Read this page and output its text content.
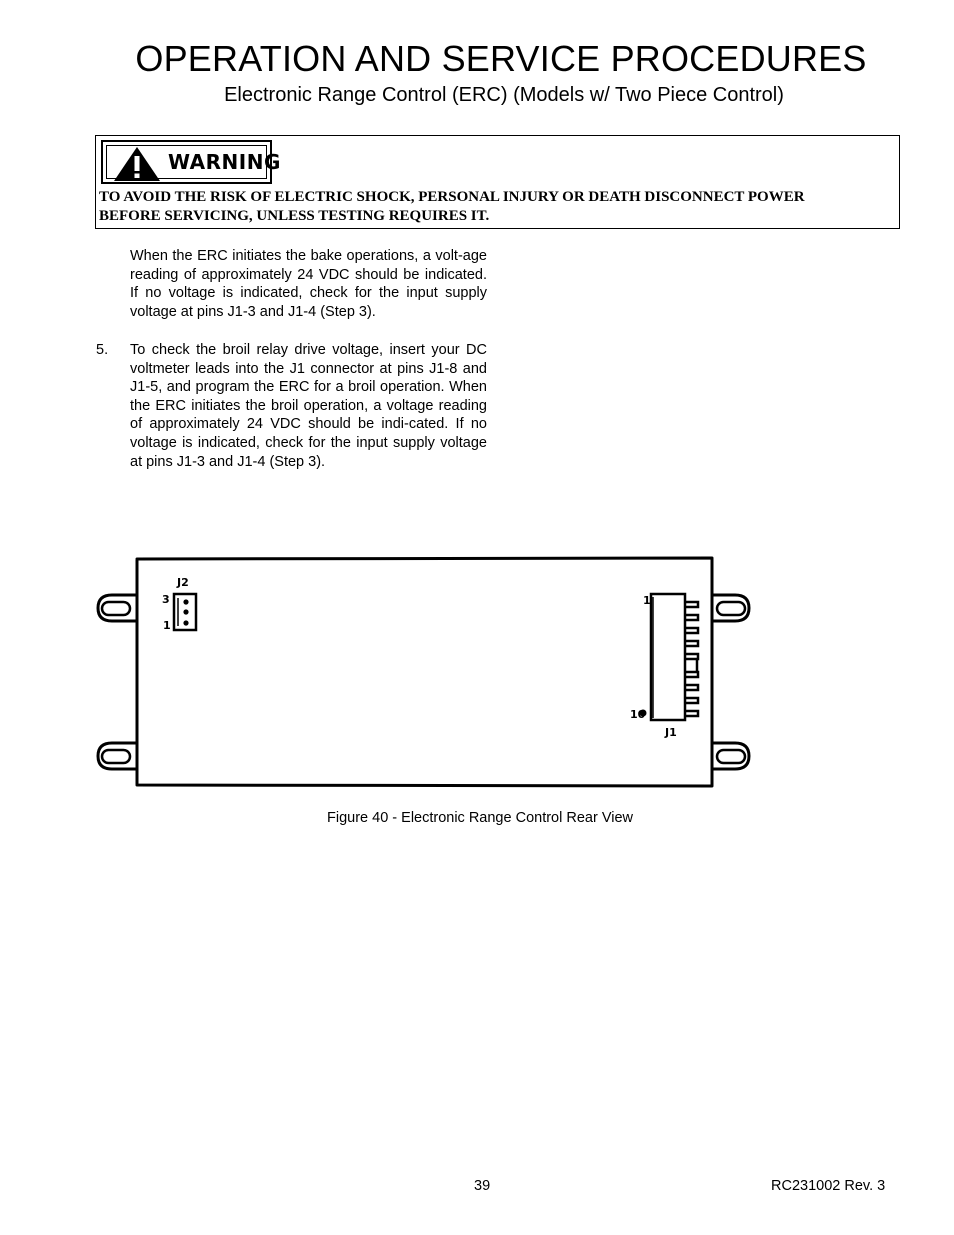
OPERATION AND SERVICE PROCEDURES
Electronic Range Control (ERC) (Models w/ Two Piece Control)
WARNING
TO AVOID THE RISK OF ELECTRIC SHOCK, PERSONAL INJURY OR DEATH DISCONNECT POWER
BEFORE SERVICING, UNLESS TESTING REQUIRES IT.

When the ERC initiates the bake operations, a volt-age reading of approximately 24 VDC should be indicated. If no voltage is indicated, check for the input supply voltage at pins J1-3 and J1-4 (Step 3).

5. To check the broil relay drive voltage, insert your DC voltmeter leads into the J1 connector at pins J1-8 and J1-5, and program the ERC for a broil operation. When the ERC initiates the broil operation, a voltage reading of approximately 24 VDC should be indi-cated. If no voltage is indicated, check for the input supply voltage at pins J1-3 and J1-4 (Step 3).

J2
3
1
1
10
J1
Figure 40 - Electronic Range Control Rear View
39	RC231002 Rev. 3
